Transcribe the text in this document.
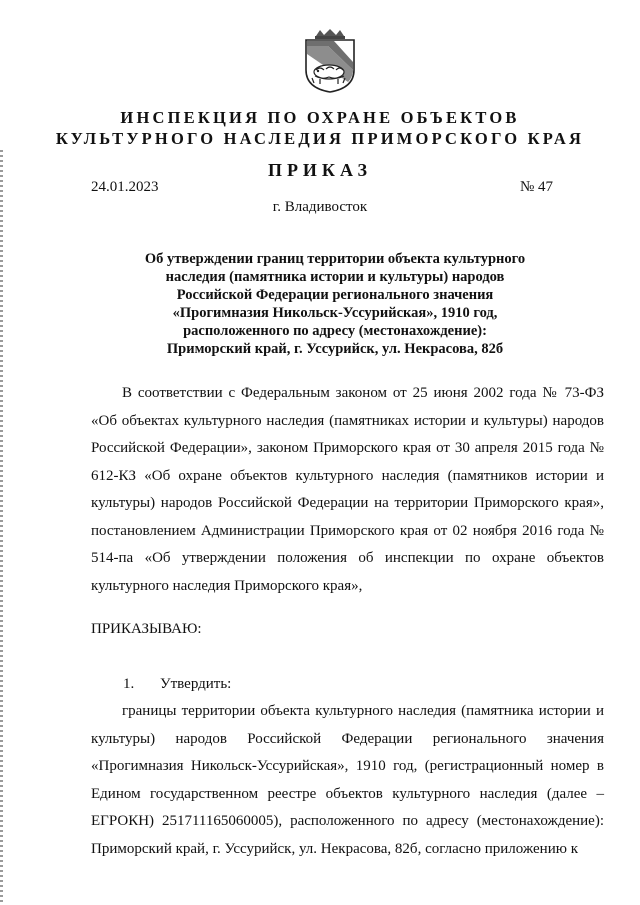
ИНСПЕКЦИЯ ПО ОХРАНЕ ОБЪЕКТОВ
КУЛЬТУРНОГО НАСЛЕДИЯ ПРИМОРСКОГО КРАЯ
ПРИКАЗ
24.01.2023	№ 47
г. Владивосток
Об утверждении границ территории объекта культурного
наследия (памятника истории и культуры) народов
Российской Федерации регионального значения
«Прогимназия Никольск-Уссурийская», 1910 год,
расположенного по адресу (местонахождение):
Приморский край, г. Уссурийск, ул. Некрасова, 82б

В соответствии с Федеральным законом от 25 июня 2002 года № 73-ФЗ «Об объектах культурного наследия (памятниках истории и культуры) народов Российской Федерации», законом Приморского края от 30 апреля 2015 года № 612-КЗ «Об охране объектов культурного наследия (памятников истории и культуры) народов Российской Федерации на территории Приморского края», постановлением Администрации Приморского края от 02 ноября 2016 года № 514-па «Об утверждении положения об инспекции по охране объектов культурного наследия Приморского края»,

ПРИКАЗЫВАЮ:
1. Утвердить:

границы территории объекта культурного наследия (памятника истории и культуры) народов Российской Федерации регионального значения «Прогимназия Никольск-Уссурийская», 1910 год, (регистрационный номер в Едином государственном реестре объектов культурного наследия (далее – ЕГРОКН) 251711165060005), расположенного по адресу (местонахождение): Приморский край, г. Уссурийск, ул. Некрасова, 82б, согласно приложению к
